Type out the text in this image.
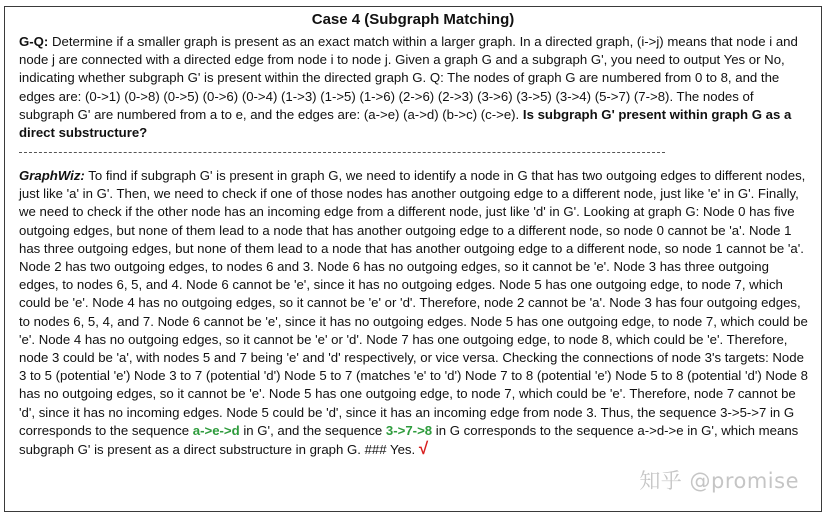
Case 4 (Subgraph Matching)
G-Q: Determine if a smaller graph is present as an exact match within a larger graph. In a directed graph, (i->j) means that node i and node j are connected with a directed edge from node i to node j. Given a graph G and a subgraph G', you need to output Yes or No, indicating whether subgraph G' is present within the directed graph G. Q: The nodes of graph G are numbered from 0 to 8, and the edges are: (0->1) (0->8) (0->5) (0->6) (0->4) (1->3) (1->5) (1->6) (2->6) (2->3) (3->6) (3->5) (3->4) (5->7) (7->8). The nodes of subgraph G' are numbered from a to e, and the edges are: (a->e) (a->d) (b->c) (c->e). Is subgraph G' present within graph G as a direct substructure?
GraphWiz: To find if subgraph G' is present in graph G, we need to identify a node in G that has two outgoing edges to different nodes, just like 'a' in G'. Then, we need to check if one of those nodes has another outgoing edge to a different node, just like 'e' in G'. Finally, we need to check if the other node has an incoming edge from a different node, just like 'd' in G'. Looking at graph G: Node 0 has five outgoing edges, but none of them lead to a node that has another outgoing edge to a different node, so node 0 cannot be 'a'. Node 1 has three outgoing edges, but none of them lead to a node that has another outgoing edge to a different node, so node 1 cannot be 'a'. Node 2 has two outgoing edges, to nodes 6 and 3. Node 6 has no outgoing edges, so it cannot be 'e'. Node 3 has three outgoing edges, to nodes 6, 5, and 4. Node 6 cannot be 'e', since it has no outgoing edges. Node 5 has one outgoing edge, to node 7, which could be 'e'. Node 4 has no outgoing edges, so it cannot be 'e' or 'd'. Therefore, node 2 cannot be 'a'. Node 3 has four outgoing edges, to nodes 6, 5, 4, and 7. Node 6 cannot be 'e', since it has no outgoing edges. Node 5 has one outgoing edge, to node 7, which could be 'e'. Node 4 has no outgoing edges, so it cannot be 'e' or 'd'. Node 7 has one outgoing edge, to node 8, which could be 'e'. Therefore, node 3 could be 'a', with nodes 5 and 7 being 'e' and 'd' respectively, or vice versa. Checking the connections of node 3's targets: Node 3 to 5 (potential 'e') Node 3 to 7 (potential 'd') Node 5 to 7 (matches 'e' to 'd') Node 7 to 8 (potential 'e') Node 5 to 8 (potential 'd') Node 8 has no outgoing edges, so it cannot be 'e'. Node 5 has one outgoing edge, to node 7, which could be 'e'. Therefore, node 7 cannot be 'd', since it has no incoming edges. Node 5 could be 'd', since it has an incoming edge from node 3. Thus, the sequence 3->5->7 in G corresponds to the sequence a->e->d in G', and the sequence 3->7->8 in G corresponds to the sequence a->d->e in G', which means subgraph G' is present as a direct substructure in graph G. ### Yes. √
知乎 @promise
